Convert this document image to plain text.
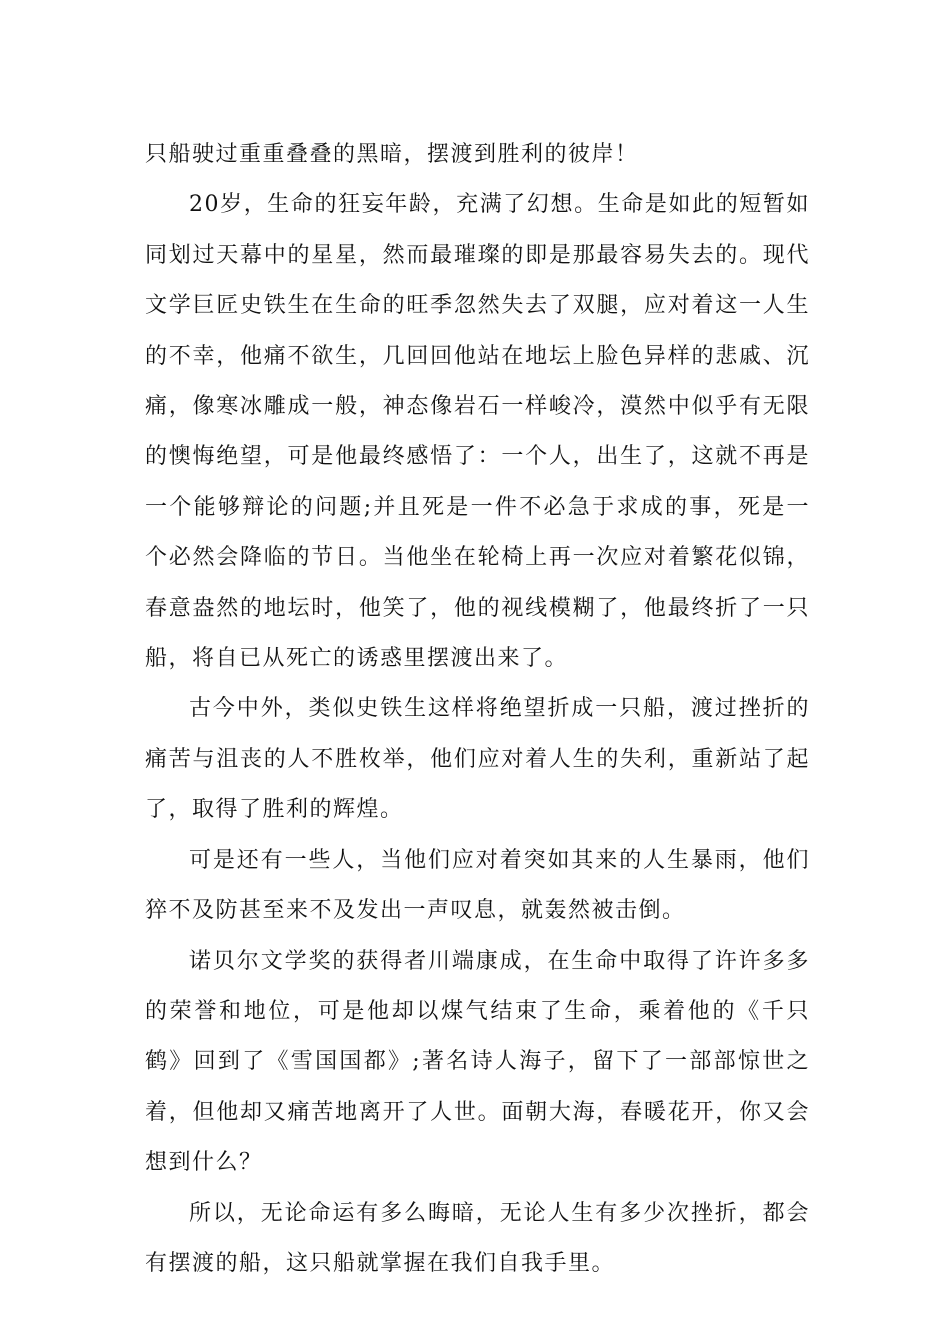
只船驶过重重叠叠的黑暗，摆渡到胜利的彼岸！

20岁，生命的狂妄年龄，充满了幻想。生命是如此的短暂如同划过天幕中的星星，然而最璀璨的即是那最容易失去的。现代文学巨匠史铁生在生命的旺季忽然失去了双腿，应对着这一人生的不幸，他痛不欲生，几回回他站在地坛上脸色异样的悲戚、沉痛，像寒冰雕成一般，神态像岩石一样峻冷，漠然中似乎有无限的懊悔绝望，可是他最终感悟了：一个人，出生了，这就不再是一个能够辩论的问题;并且死是一件不必急于求成的事，死是一个必然会降临的节日。当他坐在轮椅上再一次应对着繁花似锦，春意盎然的地坛时，他笑了，他的视线模糊了，他最终折了一只船，将自已从死亡的诱惑里摆渡出来了。

古今中外，类似史铁生这样将绝望折成一只船，渡过挫折的痛苦与沮丧的人不胜枚举，他们应对着人生的失利，重新站了起了，取得了胜利的辉煌。

可是还有一些人，当他们应对着突如其来的人生暴雨，他们猝不及防甚至来不及发出一声叹息，就轰然被击倒。

诺贝尔文学奖的获得者川端康成，在生命中取得了许许多多的荣誉和地位，可是他却以煤气结束了生命，乘着他的《千只鹤》回到了《雪国国都》;著名诗人海子，留下了一部部惊世之着，但他却又痛苦地离开了人世。面朝大海，春暖花开，你又会想到什么？

所以，无论命运有多么晦暗，无论人生有多少次挫折，都会有摆渡的船，这只船就掌握在我们自我手里。
